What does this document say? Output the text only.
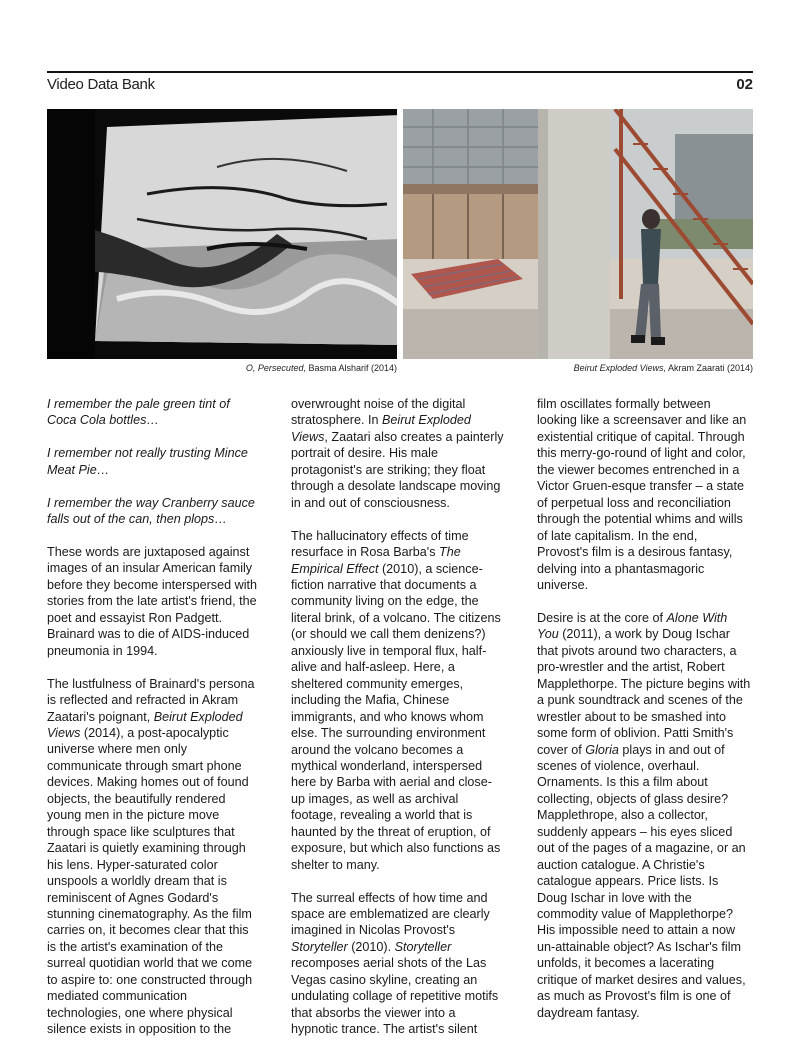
Video Data Bank	02
O, Persecuted, Basma Alsharif (2014)	Beirut Exploded Views, Akram Zaarati (2014)

I remember the pale green tint of Coca Cola bottles…

I remember not really trusting Mince Meat Pie…

I remember the way Cranberry sauce falls out of the can, then plops…

These words are juxtaposed against images of an insular American family before they become interspersed with stories from the late artist's friend, the poet and essayist Ron Padgett. Brainard was to die of AIDS-induced pneumonia in 1994.

The lustfulness of Brainard's persona is reflected and refracted in Akram Zaatari's poignant, Beirut Exploded Views (2014), a post-apocalyptic universe where men only communicate through smart phone devices. Making homes out of found objects, the beautifully rendered young men in the picture move through space like sculptures that Zaatari is quietly examining through his lens. Hyper-saturated color unspools a worldly dream that is reminiscent of Agnes Godard's stunning cinematography. As the film carries on, it becomes clear that this is the artist's examination of the surreal quotidian world that we come to aspire to: one constructed through mediated communication technologies, one where physical silence exists in opposition to the

overwrought noise of the digital stratosphere. In Beirut Exploded Views, Zaatari also creates a painterly portrait of desire. His male protagonist's are striking; they float through a desolate landscape moving in and out of consciousness.

The hallucinatory effects of time resurface in Rosa Barba's The Empirical Effect (2010), a science-fiction narrative that documents a community living on the edge, the literal brink, of a volcano. The citizens (or should we call them denizens?) anxiously live in temporal flux, half-alive and half-asleep. Here, a sheltered community emerges, including the Mafia, Chinese immigrants, and who knows whom else. The surrounding environment around the volcano becomes a mythical wonderland, interspersed here by Barba with aerial and close-up images, as well as archival footage, revealing a world that is haunted by the threat of eruption, of exposure, but which also functions as shelter to many.

The surreal effects of how time and space are emblematized are clearly imagined in Nicolas Provost's Storyteller (2010). Storyteller recomposes aerial shots of the Las Vegas casino skyline, creating an undulating collage of repetitive motifs that absorbs the viewer into a hypnotic trance. The artist's silent

film oscillates formally between looking like a screensaver and like an existential critique of capital. Through this merry-go-round of light and color, the viewer becomes entrenched in a Victor Gruen-esque transfer – a state of perpetual loss and reconciliation through the potential whims and wills of late capitalism. In the end, Provost's film is a desirous fantasy, delving into a phantasmagoric universe.

Desire is at the core of Alone With You (2011), a work by Doug Ischar that pivots around two characters, a pro-wrestler and the artist, Robert Mapplethorpe. The picture begins with a punk soundtrack and scenes of the wrestler about to be smashed into some form of oblivion. Patti Smith's cover of Gloria plays in and out of scenes of violence, overhaul. Ornaments. Is this a film about collecting, objects of glass desire? Mapplethrope, also a collector, suddenly appears – his eyes sliced out of the pages of a magazine, or an auction catalogue. A Christie's catalogue appears. Price lists. Is Doug Ischar in love with the commodity value of Mapplethorpe? His impossible need to attain a now un-attainable object? As Ischar's film unfolds, it becomes a lacerating critique of market desires and values, as much as Provost's film is one of daydream fantasy.
